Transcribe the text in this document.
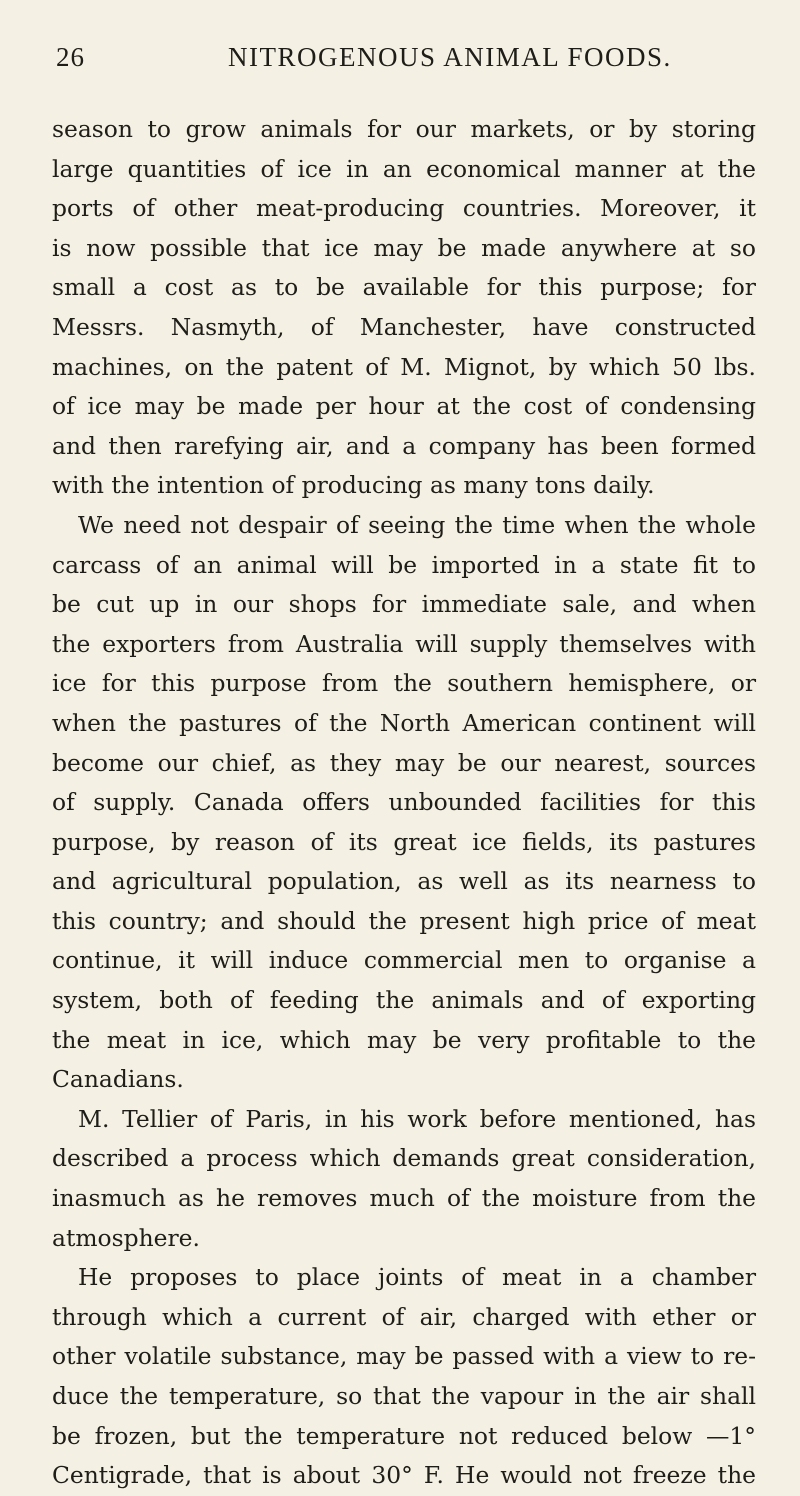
26	NITROGENOUS ANIMAL FOODS.
season to grow animals for our markets, or by storing
large quantities of ice in an economical manner at the
ports of other meat-producing countries. Moreover, it
is now possible that ice may be made anywhere at so
small a cost as to be available for this purpose; for
Messrs. Nasmyth, of Manchester, have constructed
machines, on the patent of M. Mignot, by which 50 lbs.
of ice may be made per hour at the cost of condensing
and then rarefying air, and a company has been formed
with the intention of producing as many tons daily.
We need not despair of seeing the time when the whole
carcass of an animal will be imported in a state fit to
be cut up in our shops for immediate sale, and when
the exporters from Australia will supply themselves with
ice for this purpose from the southern hemisphere, or
when the pastures of the North American continent will
become our chief, as they may be our nearest, sources
of supply. Canada offers unbounded facilities for this
purpose, by reason of its great ice fields, its pastures
and agricultural population, as well as its nearness to
this country; and should the present high price of meat
continue, it will induce commercial men to organise a
system, both of feeding the animals and of exporting
the meat in ice, which may be very profitable to the
Canadians.
M. Tellier of Paris, in his work before mentioned, has
described a process which demands great consideration,
inasmuch as he removes much of the moisture from the
atmosphere.
He proposes to place joints of meat in a chamber
through which a current of air, charged with ether or
other volatile substance, may be passed with a view to re-
duce the temperature, so that the vapour in the air shall
be frozen, but the temperature not reduced below —1°
Centigrade, that is about 30° F. He would not freeze the
